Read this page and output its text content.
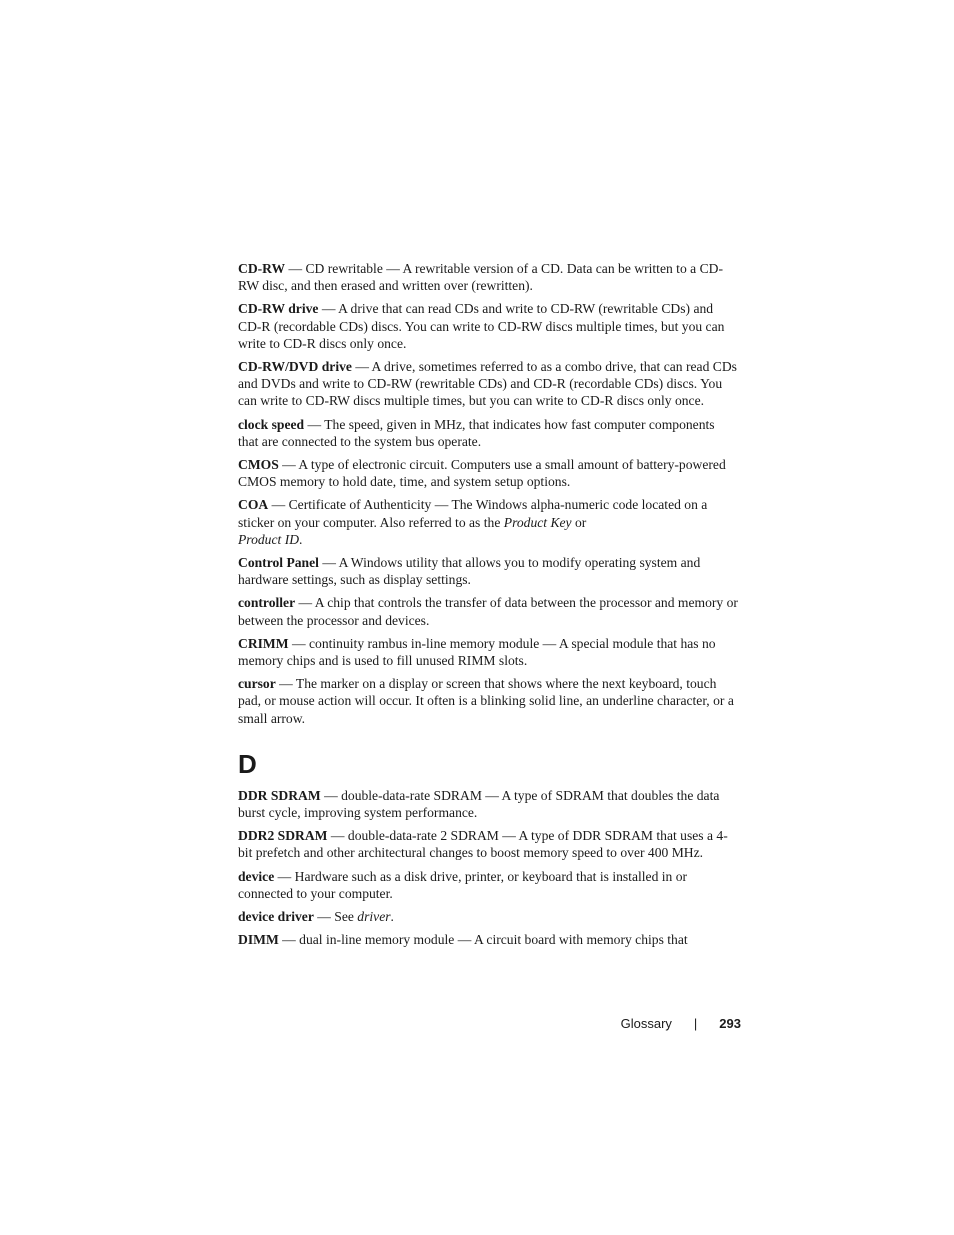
CD-RW — CD rewritable — A rewritable version of a CD. Data can be written to a CD-RW disc, and then erased and written over (rewritten).

CD-RW drive — A drive that can read CDs and write to CD-RW (rewritable CDs) and CD-R (recordable CDs) discs. You can write to CD-RW discs multiple times, but you can write to CD-R discs only once.

CD-RW/DVD drive — A drive, sometimes referred to as a combo drive, that can read CDs and DVDs and write to CD-RW (rewritable CDs) and CD-R (recordable CDs) discs. You can write to CD-RW discs multiple times, but you can write to CD-R discs only once.

clock speed — The speed, given in MHz, that indicates how fast computer components that are connected to the system bus operate.

CMOS — A type of electronic circuit. Computers use a small amount of battery-powered CMOS memory to hold date, time, and system setup options.

COA — Certificate of Authenticity — The Windows alpha-numeric code located on a sticker on your computer. Also referred to as the Product Key or
Product ID.

Control Panel — A Windows utility that allows you to modify operating system and hardware settings, such as display settings.

controller — A chip that controls the transfer of data between the processor and memory or between the processor and devices.

CRIMM — continuity rambus in-line memory module — A special module that has no memory chips and is used to fill unused RIMM slots.

cursor — The marker on a display or screen that shows where the next keyboard, touch pad, or mouse action will occur. It often is a blinking solid line, an underline character, or a small arrow.

D

DDR SDRAM — double-data-rate SDRAM — A type of SDRAM that doubles the data burst cycle, improving system performance.

DDR2 SDRAM — double-data-rate 2 SDRAM — A type of DDR SDRAM that uses a 4-bit prefetch and other architectural changes to boost memory speed to over 400 MHz.

device — Hardware such as a disk drive, printer, or keyboard that is installed in or connected to your computer.

device driver — See driver.

DIMM — dual in-line memory module — A circuit board with memory chips that

Glossary | 293
